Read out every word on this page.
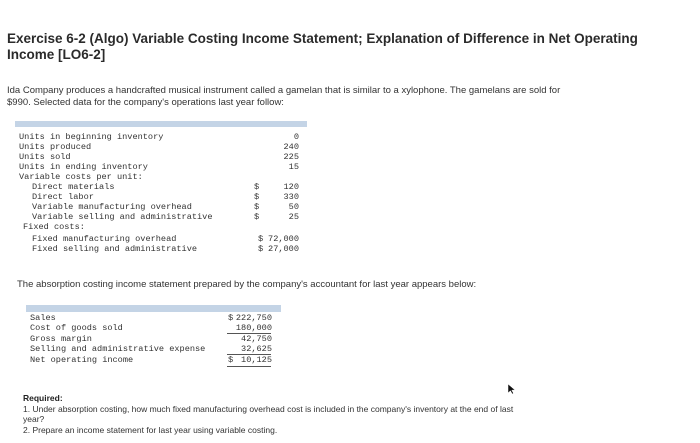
Exercise 6-2 (Algo) Variable Costing Income Statement; Explanation of Difference in Net Operating
Income [LO6-2]
Ida Company produces a handcrafted musical instrument called a gamelan that is similar to a xylophone. The gamelans are sold for
$990. Selected data for the company's operations last year follow:
Units in beginning inventory	0
Units produced	240
Units sold	225
Units in ending inventory	15
Variable costs per unit:
Direct materials	$	120
Direct labor	$	330
Variable manufacturing overhead	$	50
Variable selling and administrative	$	25
Fixed costs:
Fixed manufacturing overhead	$ 72,000
Fixed selling and administrative	$ 27,000
The absorption costing income statement prepared by the company's accountant for last year appears below:
Sales	$ 222,750
Cost of goods sold	180,000
Gross margin	42,750
Selling and administrative expense	32,625
Net operating income	$ 10,125
Required:
1. Under absorption costing, how much fixed manufacturing overhead cost is included in the company's inventory at the end of last
year?
2. Prepare an income statement for last year using variable costing.
